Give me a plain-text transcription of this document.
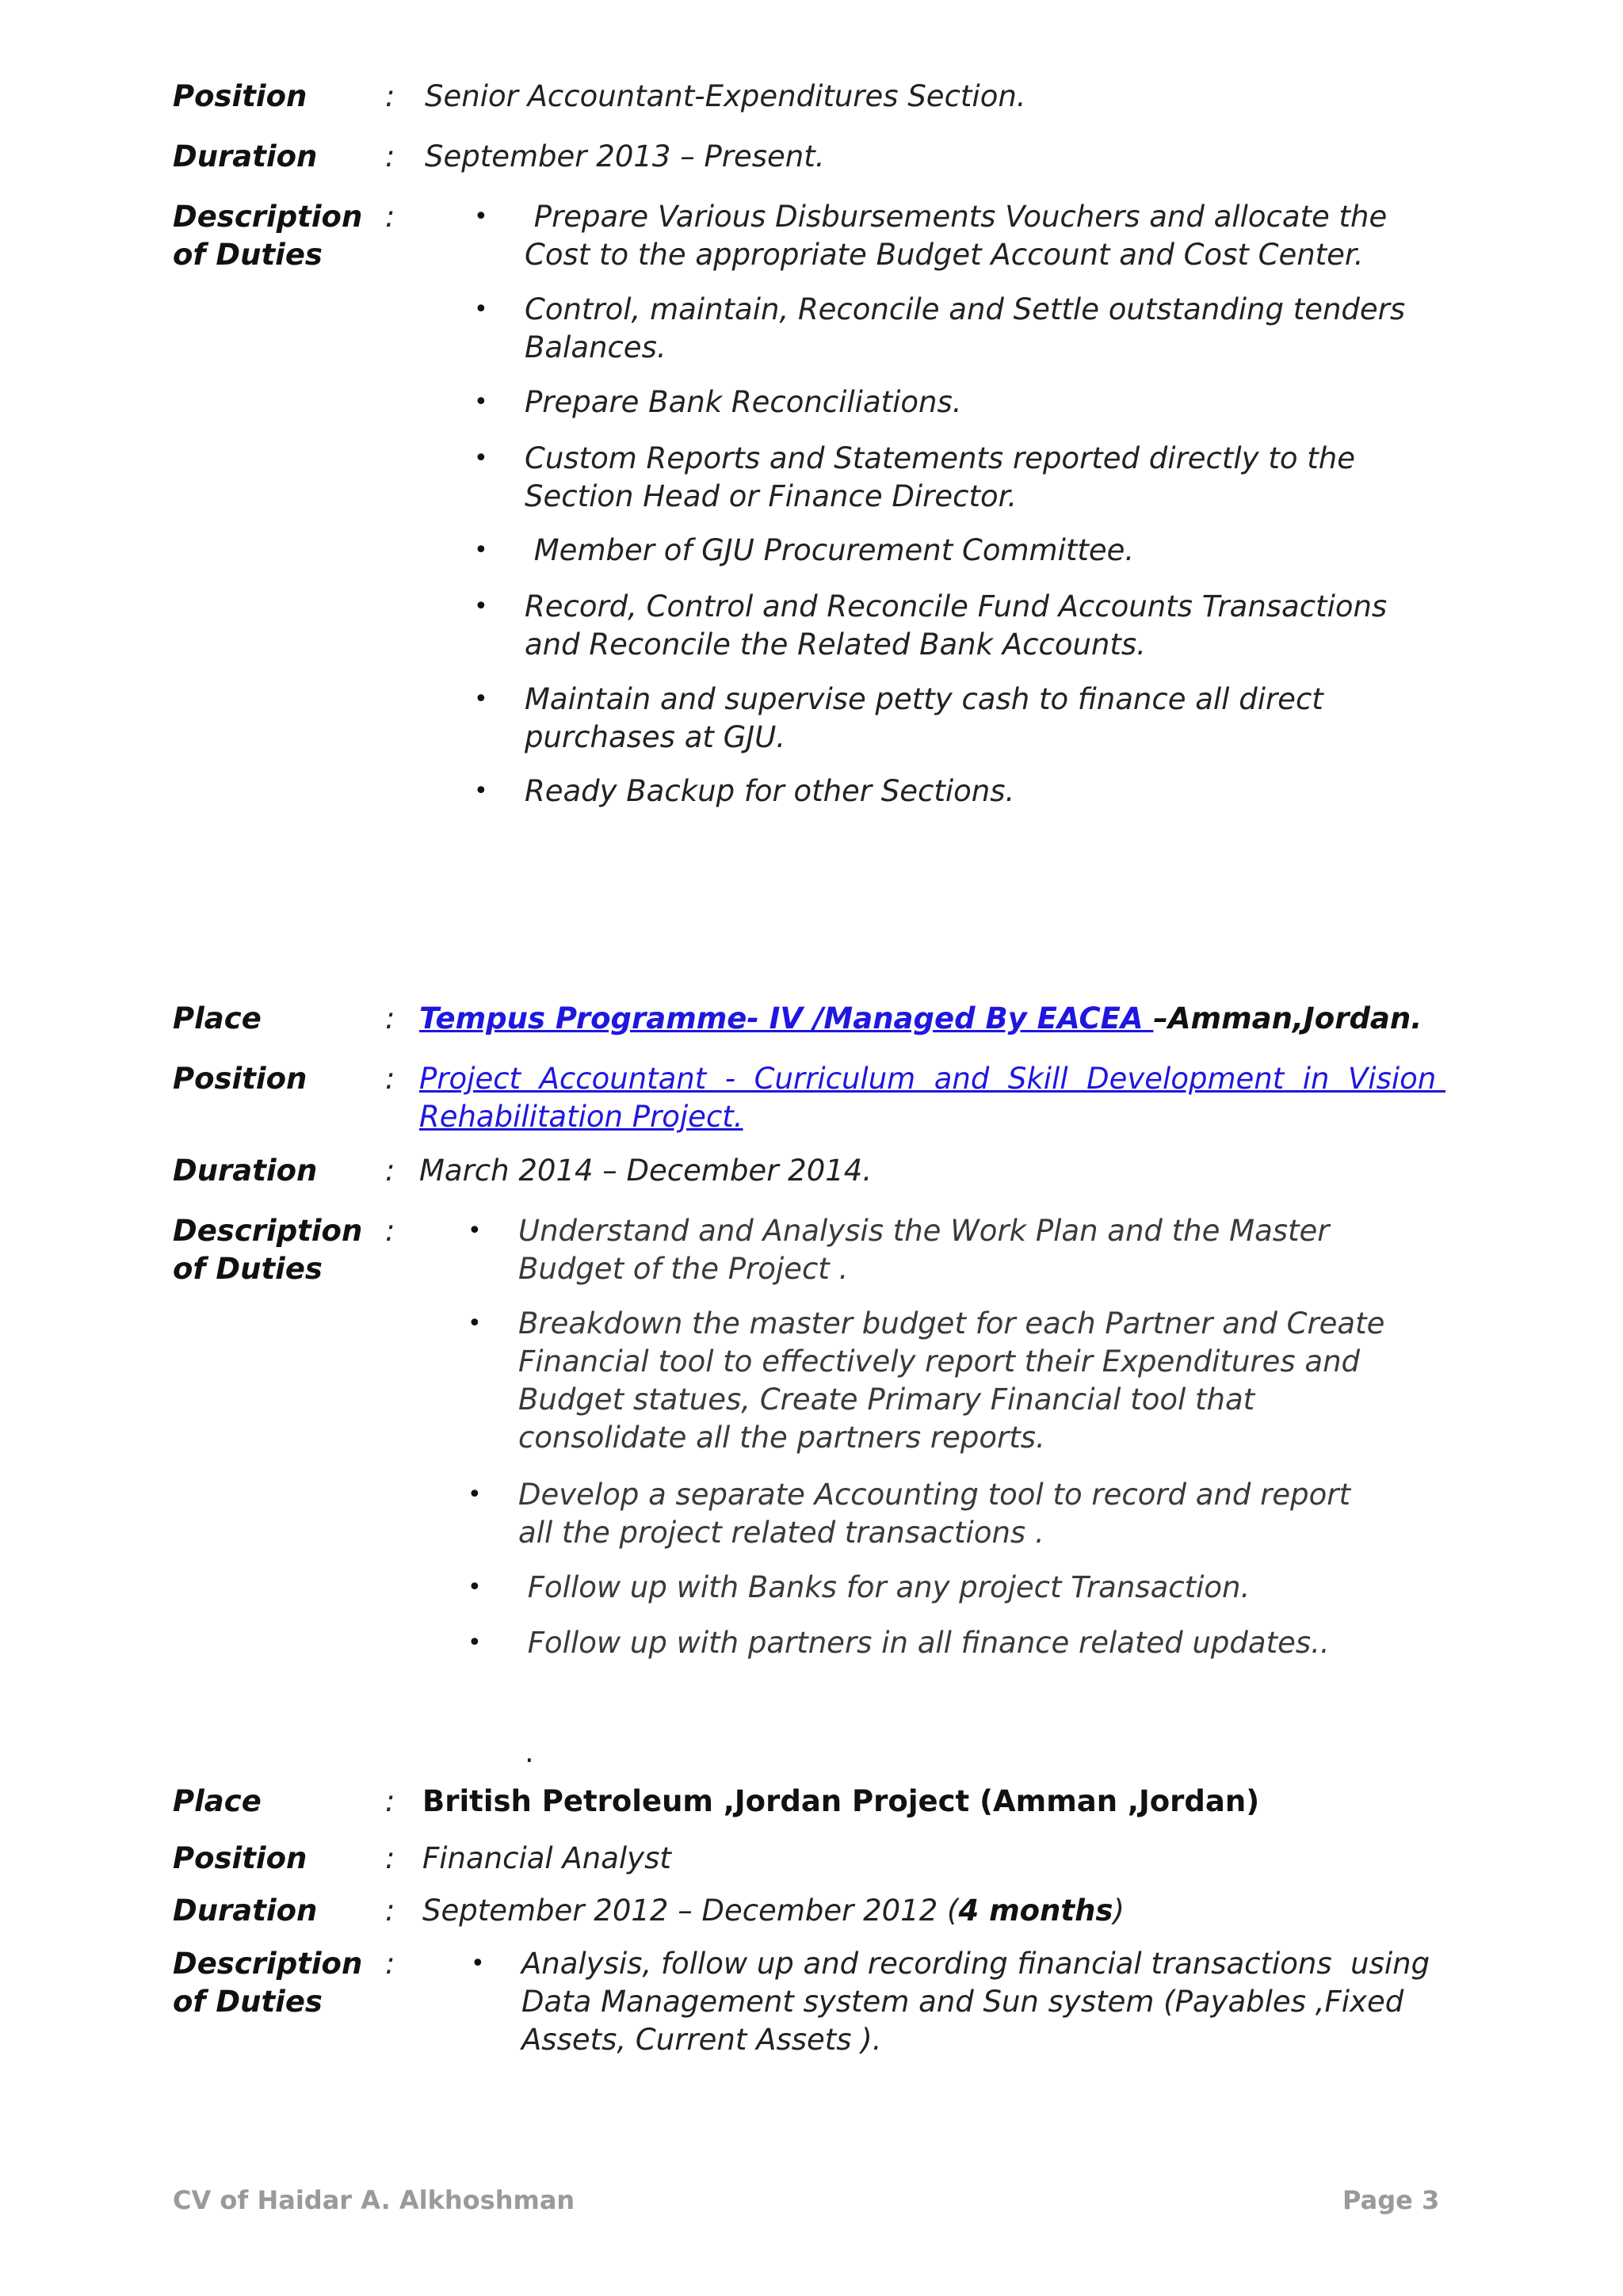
Position	: Senior Accountant-Expenditures Section.
Duration : September 2013 – Present.
Description
of Duties
:	•	Prepare Various Disbursements Vouchers and allocate the
Cost to the appropriate Budget Account and Cost Center.
• Control, maintain, Reconcile and Settle outstanding tenders
Balances.
• Prepare Bank Reconciliations.
• Custom Reports and Statements reported directly to the
Section Head or Finance Director.
• Member of GJU Procurement Committee.
• Record, Control and Reconcile Fund Accounts Transactions
and Reconcile the Related Bank Accounts.
• Maintain and supervise petty cash to finance all direct
purchases at GJU.
• Ready Backup for other Sections.
Place	: Tempus Programme- IV /Managed By EACEA –Amman,Jordan.
Position	: Project  Accountant  -  Curriculum  and  Skill  Development  in  Vision
Rehabilitation Project.
Duration : March 2014 – December 2014.
Description
of Duties
:	• Understand and Analysis the Work Plan and the Master
Budget of the Project .
• Breakdown the master budget for each Partner and Create
Financial tool to effectively report their Expenditures and
Budget statues, Create Primary Financial tool that
consolidate all the partners reports.
• Develop a separate Accounting tool to record and report
all the project related transactions .
• Follow up with Banks for any project Transaction.
• Follow up with partners in all finance related updates..
.
Place	: British Petroleum ,Jordan Project (Amman ,Jordan)
Position	: Financial Analyst
Duration : September 2012 – December 2012 (4 months)
Description
of Duties
:	• Analysis, follow up and recording financial transactions  using
Data Management system and Sun system (Payables ,Fixed
Assets, Current Assets ).
CV of Haidar A. Alkhoshman	Page 3
